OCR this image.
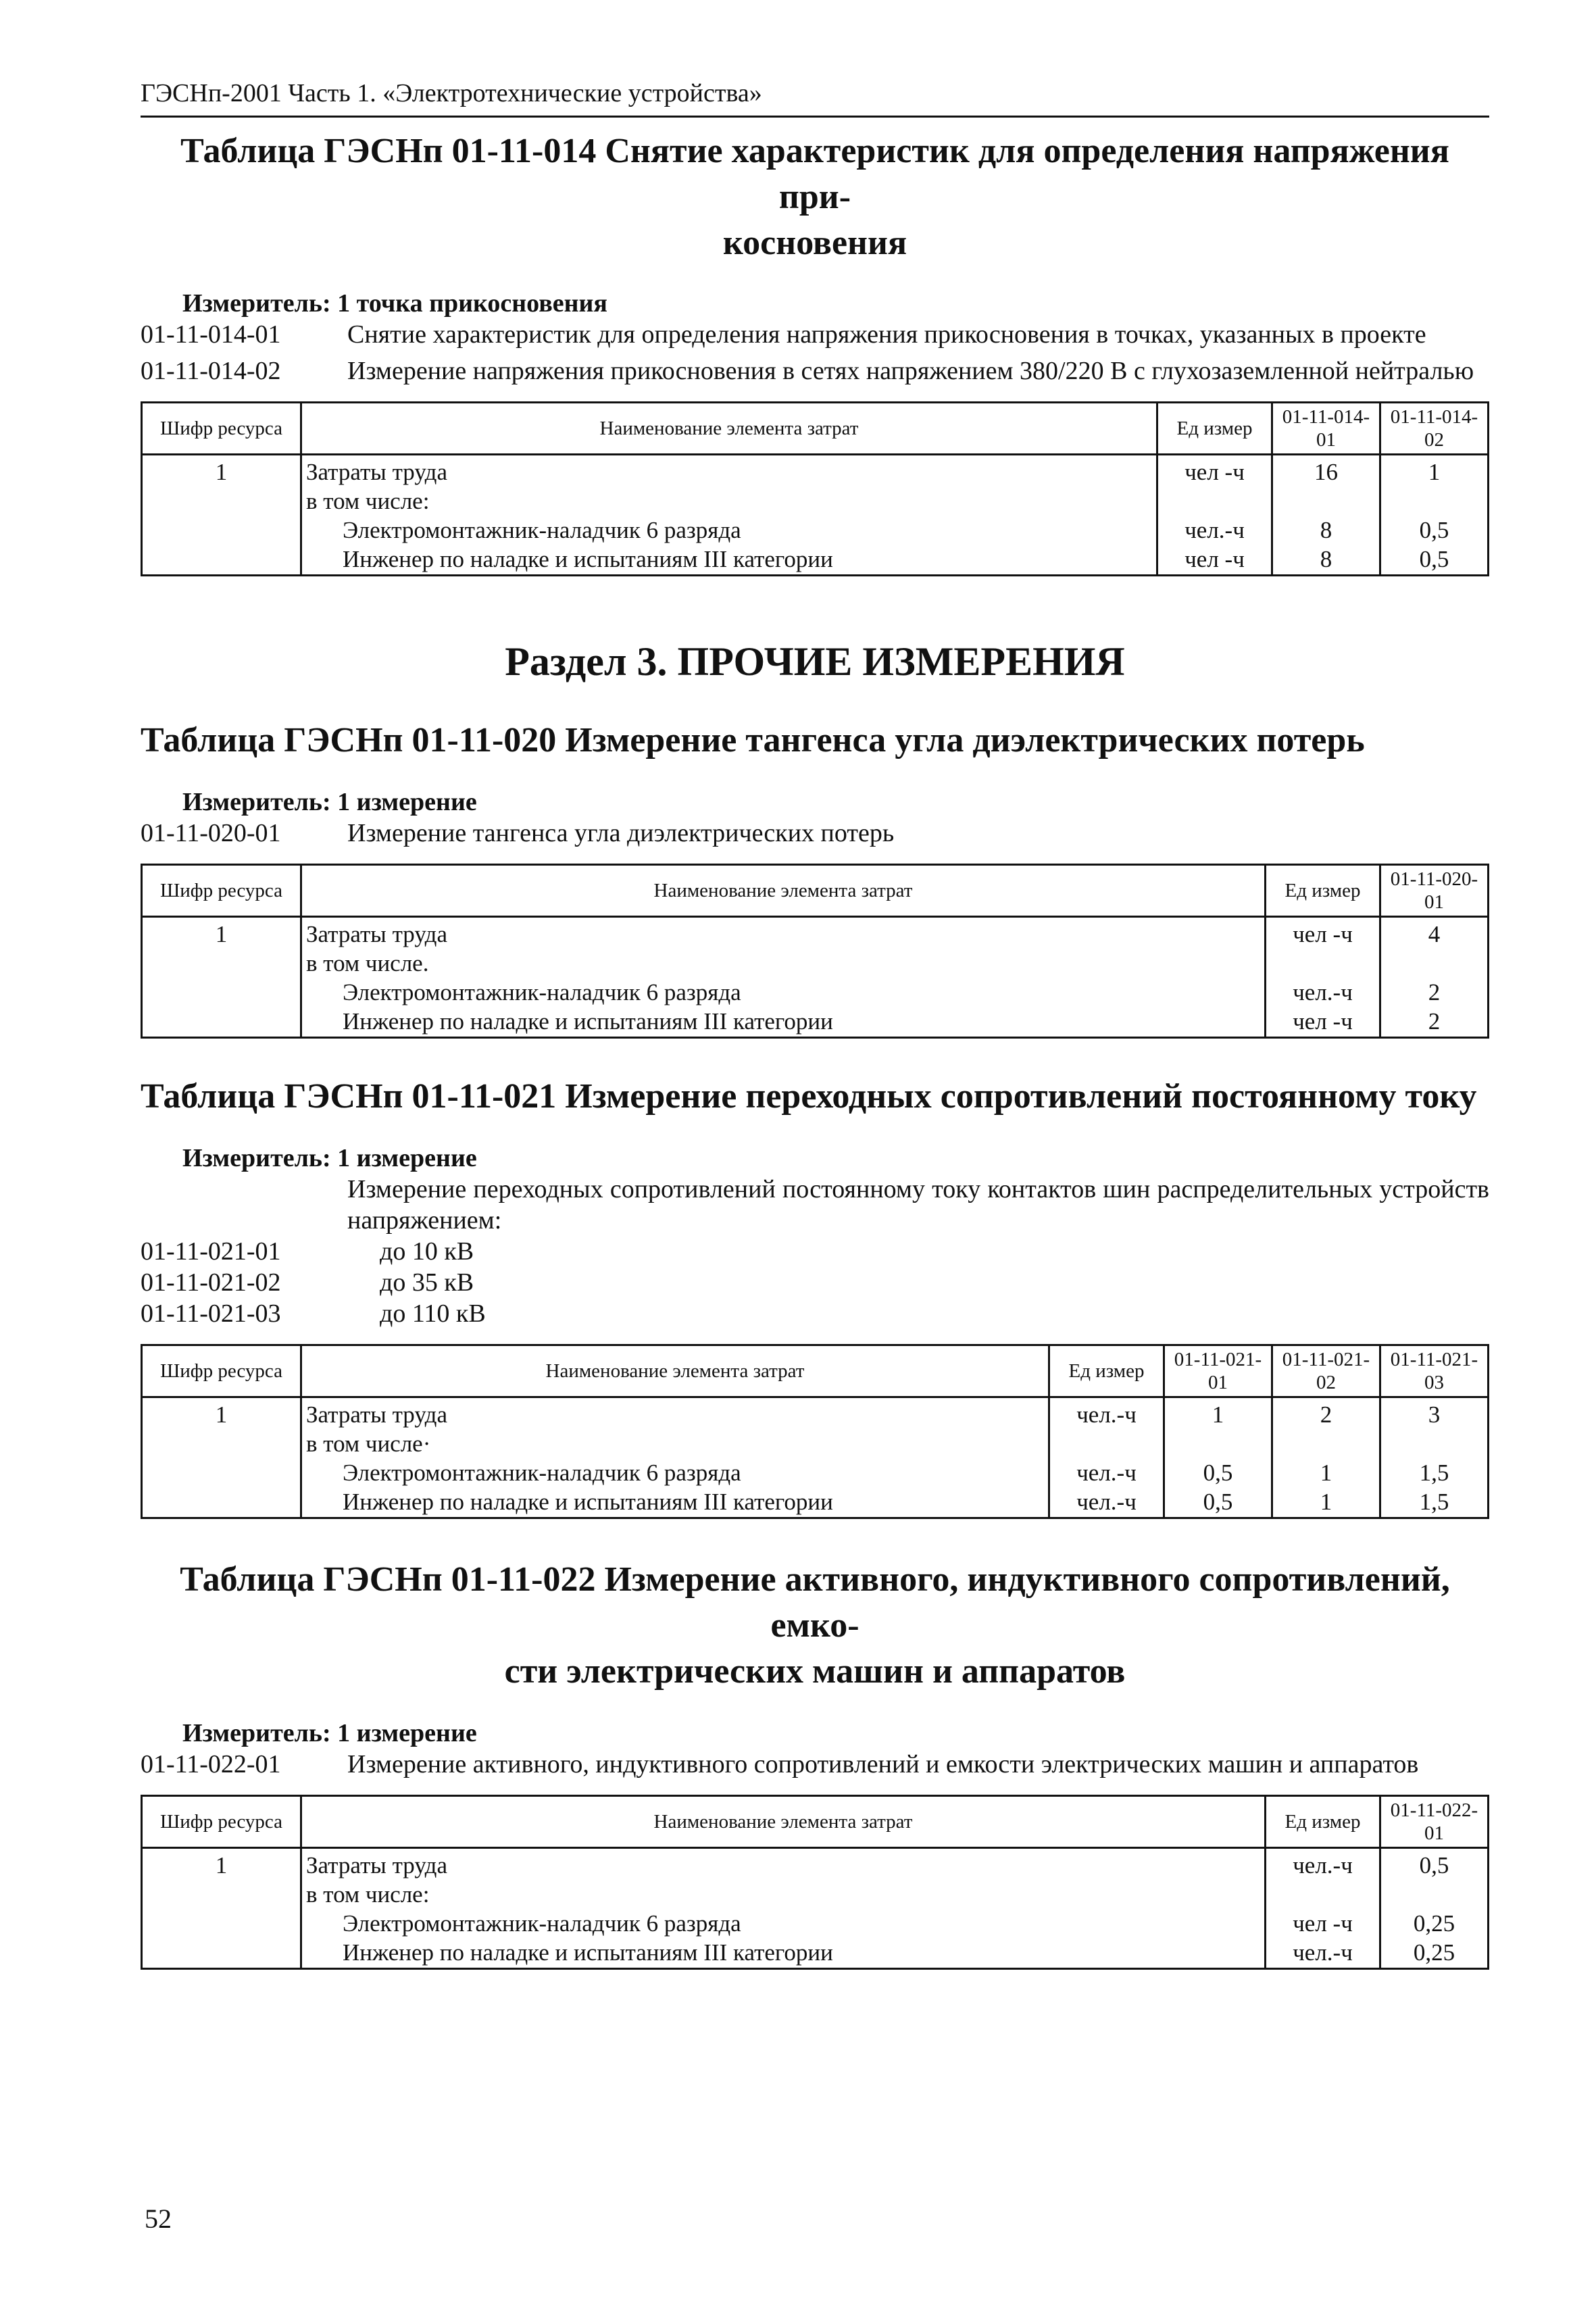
ГЭСНп-2001 Часть 1. «Электротехнические устройства»
Таблица ГЭСНп 01-11-014 Снятие характеристик для определения напряжения при-
косновения
Измеритель: 1 точка прикосновения
01-11-014-01	Снятие характеристик для определения напряжения прикосновения в точках, указанных в проекте
01-11-014-02	Измерение напряжения прикосновения в сетях напряжением 380/220 В с глухозаземленной нейтралью
Шифр ресурса	Наименование элемента затрат	Ед измер	01-11-014-01	01-11-014-02
1	Затраты труда	чел -ч	16	1
	в том числе:			
	Электромонтажник-наладчик 6 разряда	чел.-ч	8	0,5
	Инженер по наладке и испытаниям III категории	чел -ч	8	0,5
Раздел 3. ПРОЧИЕ ИЗМЕРЕНИЯ
Таблица ГЭСНп 01-11-020 Измерение тангенса угла диэлектрических потерь
Измеритель: 1 измерение
01-11-020-01	Измерение тангенса угла диэлектрических потерь
Шифр ресурса	Наименование элемента затрат	Ед измер	01-11-020-01
1	Затраты труда	чел -ч	4
	в том числе.		
	Электромонтажник-наладчик 6 разряда	чел.-ч	2
	Инженер по наладке и испытаниям III категории	чел -ч	2
Таблица ГЭСНп 01-11-021 Измерение переходных сопротивлений постоянному току
Измеритель: 1 измерение
Измерение переходных сопротивлений постоянному току контактов шин распределительных устройств напряжением:
01-11-021-01	до 10 кВ
01-11-021-02	до 35 кВ
01-11-021-03	до 110 кВ
Шифр ресурса	Наименование элемента затрат	Ед измер	01-11-021-01	01-11-021-02	01-11-021-03
1	Затраты труда	чел.-ч	1	2	3
	в том числе·				
	Электромонтажник-наладчик 6 разряда	чел.-ч	0,5	1	1,5
	Инженер по наладке и испытаниям III категории	чел.-ч	0,5	1	1,5
Таблица ГЭСНп 01-11-022 Измерение активного, индуктивного сопротивлений, емко-
сти электрических машин и аппаратов
Измеритель: 1 измерение
01-11-022-01	Измерение активного, индуктивного сопротивлений и емкости электрических машин и аппаратов
Шифр ресурса	Наименование элемента затрат	Ед измер	01-11-022-01
1	Затраты труда	чел.-ч	0,5
	в том числе:		
	Электромонтажник-наладчик 6 разряда	чел -ч	0,25
	Инженер по наладке и испытаниям III категории	чел.-ч	0,25
52
